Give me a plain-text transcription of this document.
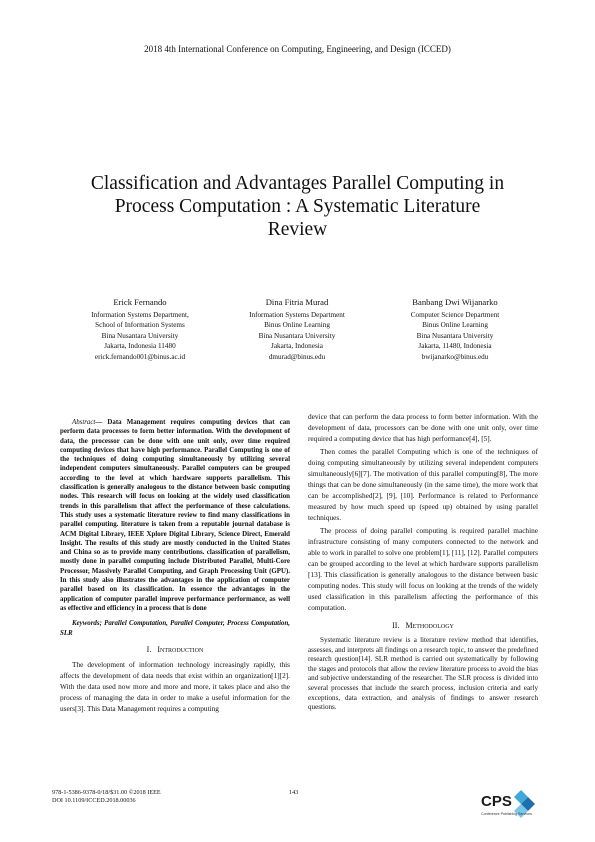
2018 4th International Conference on Computing, Engineering, and Design (ICCED)
Classification and Advantages Parallel Computing in
Process Computation : A Systematic Literature
Review
Erick Fernando
Information Systems Department,
School of Information Systems
Bina Nusantara University
Jakarta, Indonesia 11480
erick.fernando001@binus.ac.id
Dina Fitria Murad
Information Systems Department
Binus Online Learning
Bina Nusantara University
Jakarta, Indonesia
dmurad@binus.edu
Banbang Dwi Wijanarko
Computer Science Department
Binus Online Learning
Bina Nusantara University
Jakarta, 11480, Indonesia
bwijanarko@binus.edu

Abstract— Data Management requires computing devices that can perform data processes to form better information. With the development of data, the processor can be done with one unit only, over time required computing devices that have high performance. Parallel Computing is one of the techniques of doing computing simultaneously by utilizing several independent computers simultaneously. Parallel computers can be grouped according to the level at which hardware supports parallelism. This classification is generally analogous to the distance between basic computing nodes. This research will focus on looking at the widely used classification trends in this parallelism that affect the performance of these calculations. This study uses a systematic literature review to find many classifications in parallel computing. literature is taken from a reputable journal database is ACM Digital Library, IEEE Xplore Digital Library, Science Direct, Emerald Insight. The results of this study are mostly conducted in the United States and China so as to provide many contributions. classification of parallelism, mostly done in parallel computing include Distributed Parallel, Multi-Core Processor, Massively Parallel Computing, and Graph Processing Unit (GPU). In this study also illustrates the advantages in the application of computer parallel based on its classification. In essence the advantages in the application of computer parallel improve performance performance, as well as effective and efficiency in a process that is done

Keywords; Parallel Computation, Parallel Computer, Process Computation, SLR

I. Introduction

The development of information technology increasingly rapidly, this affects the development of data needs that exist within an organization[1][2]. With the data used now more and more and more, it takes place and also the process of managing the data in order to make a useful information for the users[3]. This Data Management requires a computing

device that can perform the data process to form better information. With the development of data, processors can be done with one unit only, over time required a computing device that has high performance[4], [5].

Then comes the parallel Computing which is one of the techniques of doing computing simultaneously by utilizing several independent computers simultaneously[6][7]. The motivation of this parallel computing[8], The more things that can be done simultaneously (in the same time), the more work that can be accomplished[2], [9], [10]. Performance is related to Performance measured by how much speed up (speed up) obtained by using parallel techniques.

The process of doing parallel computing is required parallel machine infrastructure consisting of many computers connected to the network and able to work in parallel to solve one problem[1], [11], [12]. Parallel computers can be grouped according to the level at which hardware supports parallelism [13]. This classification is generally analogous to the distance between basic computing nodes. This study will focus on looking at the trends of the widely used classification in this parallelism affecting the performance of this computation.

II. Methodology

Systematic literature review is a literature review method that identifies, assesses, and interprets all findings on a research topic, to answer the predefined research question[14]. SLR method is carried out systematically by following the stages and protocols that allow the review literature process to avoid the bias and subjective understanding of the researcher. The SLR process is divided into several processes that include the search process, inclusion criteria and early exceptions, data extraction, and analysis of findings to answer research questions.

978-1-5386-9378-0/18/$31.00 ©2018 IEEE
DOI 10.1109/ICCED.2018.00036
143
CPS
Conference Publishing Services
